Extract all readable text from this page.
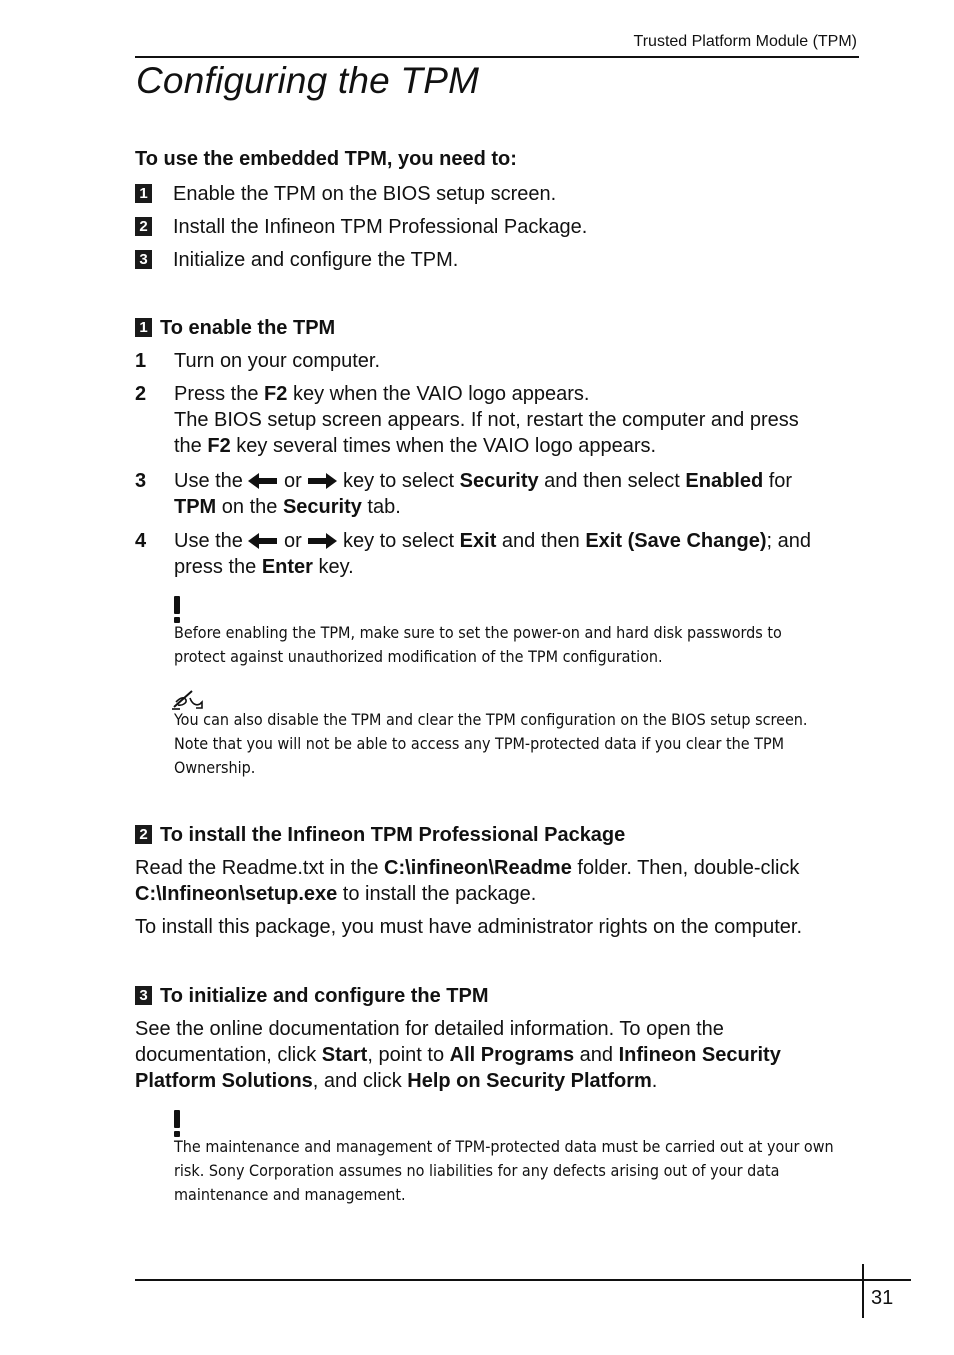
Trusted Platform Module (TPM)
Configuring the TPM
To use the embedded TPM, you need to:
1 Enable the TPM on the BIOS setup screen.
2 Install the Infineon TPM Professional Package.
3 Initialize and configure the TPM.
1 To enable the TPM
1	Turn on your computer.
2	Press the F2 key when the VAIO logo appears.
The BIOS setup screen appears. If not, restart the computer and press
the F2 key several times when the VAIO logo appears.
3	Use the  or  key to select Security and then select Enabled for
TPM on the Security tab.
4	Use the  or  key to select Exit and then Exit (Save Change); and
press the Enter key.
Before enabling the TPM, make sure to set the power-on and hard disk passwords to
protect against unauthorized modification of the TPM configuration.
You can also disable the TPM and clear the TPM configuration on the BIOS setup screen.
Note that you will not be able to access any TPM-protected data if you clear the TPM
Ownership.
2 To install the Infineon TPM Professional Package
Read the Readme.txt in the C:\infineon\Readme folder. Then, double-click
C:\Infineon\setup.exe to install the package.
To install this package, you must have administrator rights on the computer.
3 To initialize and configure the TPM
See the online documentation for detailed information. To open the
documentation, click Start, point to All Programs and Infineon Security
Platform Solutions, and click Help on Security Platform.
The maintenance and management of TPM-protected data must be carried out at your own
risk. Sony Corporation assumes no liabilities for any defects arising out of your data
maintenance and management.
31
